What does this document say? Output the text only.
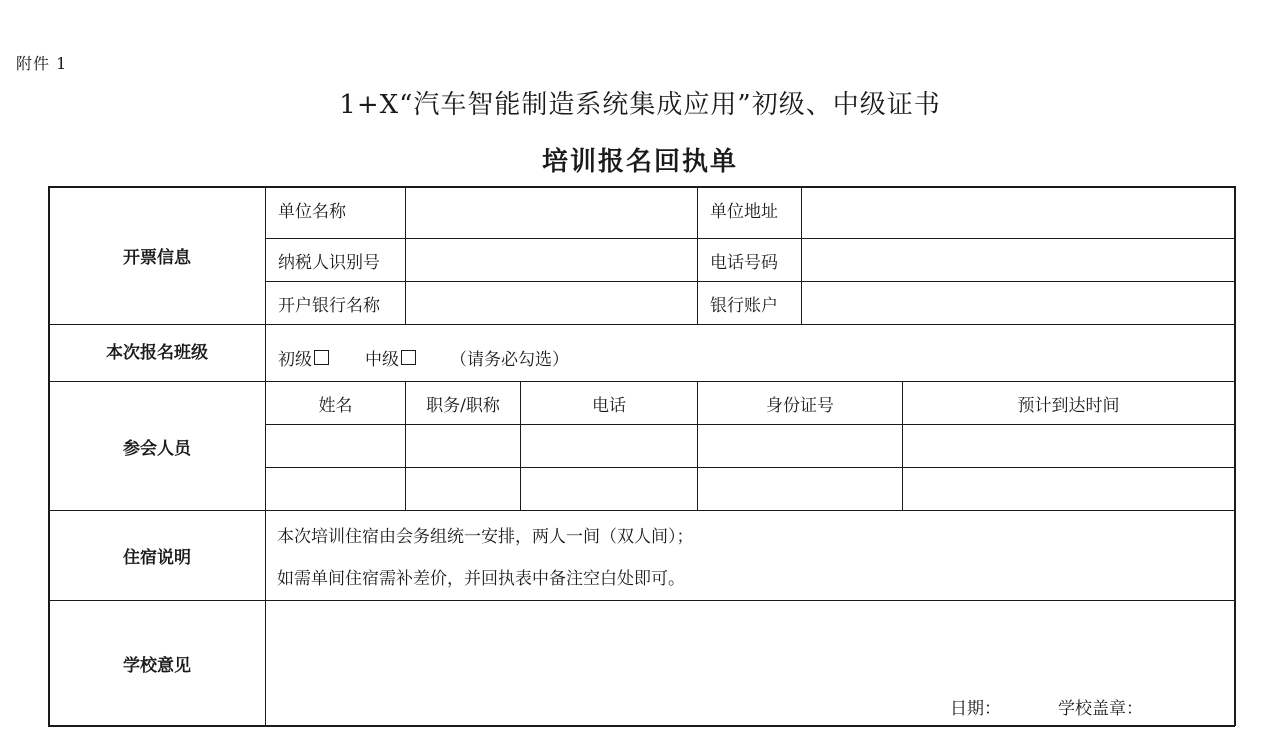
附件 1
1+X“汽车智能制造系统集成应用”初级、中级证书
培训报名回执单
开票信息
单位名称	单位地址
纳税人识别号	电话号码
开户银行名称	银行账户
本次报名班级	初级	中级	（请务必勾选）
参会人员
姓名	职务/职称	电话	身份证号	预计到达时间
住宿说明
本次培训住宿由会务组统一安排，两人一间（双人间）；
如需单间住宿需补差价，并回执表中备注空白处即可。
学校意见
日期：	学校盖章：
